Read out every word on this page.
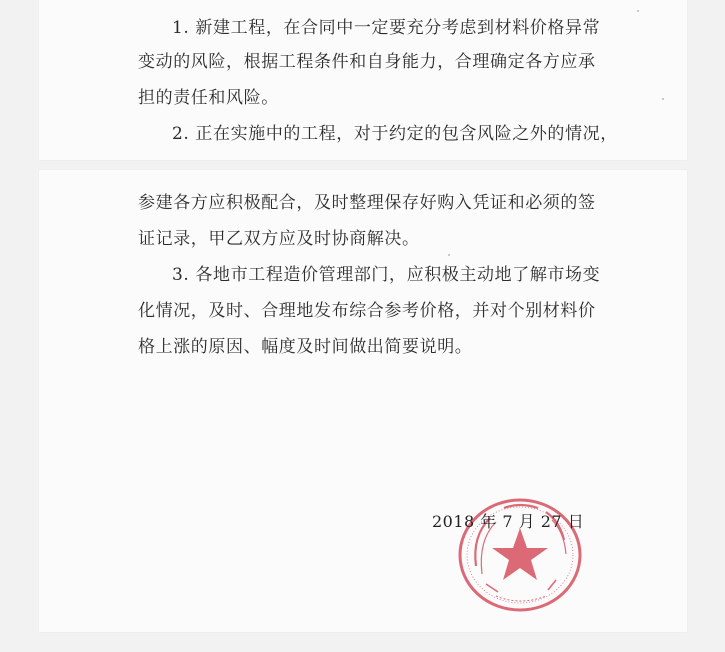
1. 新建工程，在合同中一定要充分考虑到材料价格异常
变动的风险，根据工程条件和自身能力，合理确定各方应承
担的责任和风险。
2. 正在实施中的工程，对于约定的包含风险之外的情况，
参建各方应积极配合，及时整理保存好购入凭证和必须的签
证记录，甲乙双方应及时协商解决。
3. 各地市工程造价管理部门，应积极主动地了解市场变
化情况，及时、合理地发布综合参考价格，并对个别材料价
格上涨的原因、幅度及时间做出简要说明。
2018 年 7 月 27 日
